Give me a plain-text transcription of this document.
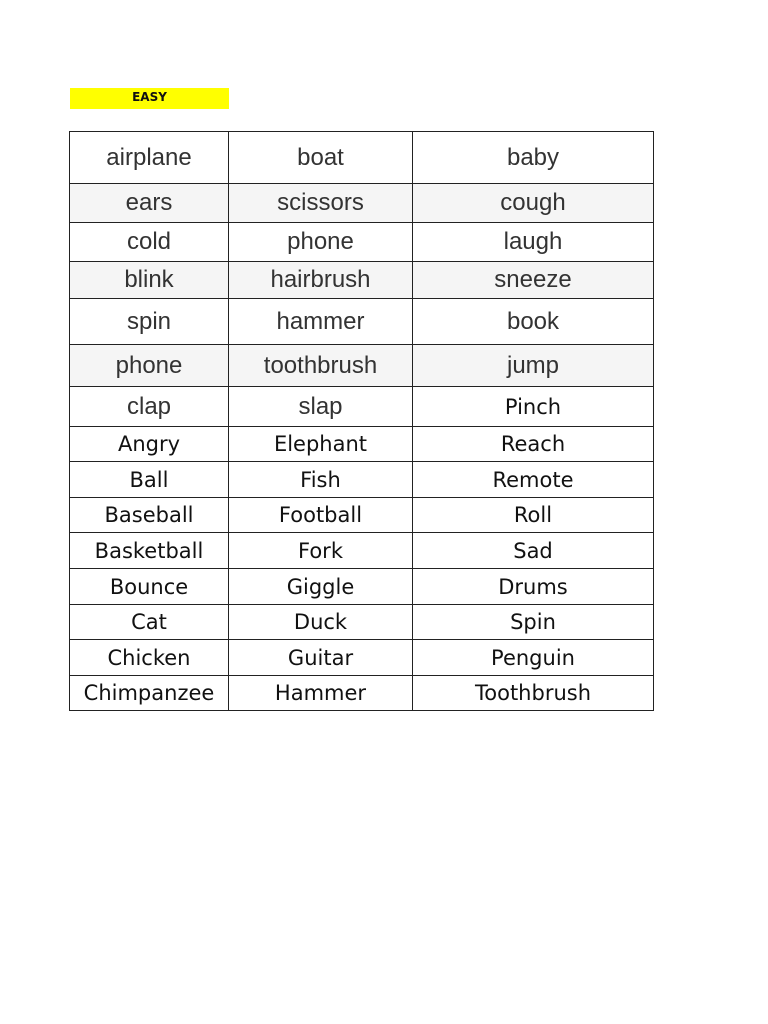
EASY
airplane	boat	baby
ears	scissors	cough
cold	phone	laugh
blink	hairbrush	sneeze
spin	hammer	book
phone	toothbrush	jump
clap	slap	Pinch
Angry	Elephant	Reach
Ball	Fish	Remote
Baseball	Football	Roll
Basketball	Fork	Sad
Bounce	Giggle	Drums
Cat	Duck	Spin
Chicken	Guitar	Penguin
Chimpanzee	Hammer	Toothbrush
